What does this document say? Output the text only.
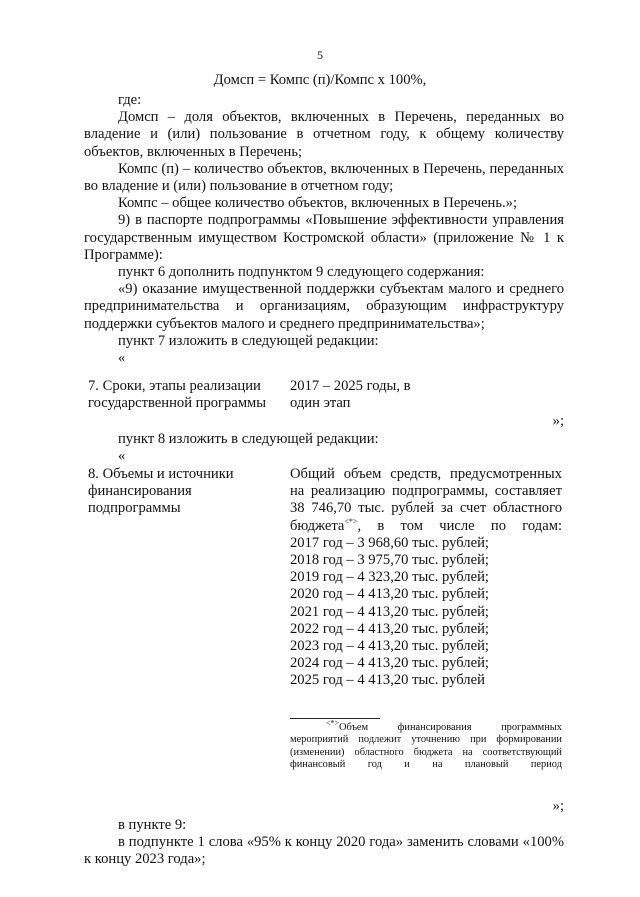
5
Домсп = Компс (п)/Компс х 100%,
где:
Домсп – доля объектов, включенных в Перечень, переданных во владение и (или) пользование в отчетном году, к общему количеству объектов, включенных в Перечень;
Компс (п) – количество объектов, включенных в Перечень, переданных во владение и (или) пользование в отчетном году;
Компс – общее количество объектов, включенных в Перечень.»;
9) в паспорте подпрограммы «Повышение эффективности управления государственным имуществом Костромской области» (приложение № 1 к Программе):
пункт 6 дополнить подпунктом 9 следующего содержания:
«9) оказание имущественной поддержки субъектам малого и среднего предпринимательства и организациям, образующим инфраструктуру поддержки субъектов малого и среднего предпринимательства»;
пункт 7 изложить в следующей редакции:
«
7. Сроки, этапы реализации государственной программы
2017 – 2025 годы, в один этап
»;
пункт 8 изложить в следующей редакции:
«
8. Объемы и источники финансирования подпрограммы
Общий объем средств, предусмотренных на реализацию подпрограммы, составляет 38 746,70 тыс. рублей за счет областного бюджета<*>, в том числе по годам:
2017 год – 3 968,60 тыс. рублей;
2018 год – 3 975,70 тыс. рублей;
2019 год – 4 323,20 тыс. рублей;
2020 год – 4 413,20 тыс. рублей;
2021 год – 4 413,20 тыс. рублей;
2022 год – 4 413,20 тыс. рублей;
2023 год – 4 413,20 тыс. рублей;
2024 год – 4 413,20 тыс. рублей;
2025 год – 4 413,20 тыс. рублей
<*>Объем финансирования программных мероприятий подлежит уточнению при формировании (изменении) областного бюджета на соответствующий финансовый год и на плановый период
»;
в пункте 9:
в подпункте 1 слова «95% к концу 2020 года» заменить словами «100% к концу 2023 года»;
